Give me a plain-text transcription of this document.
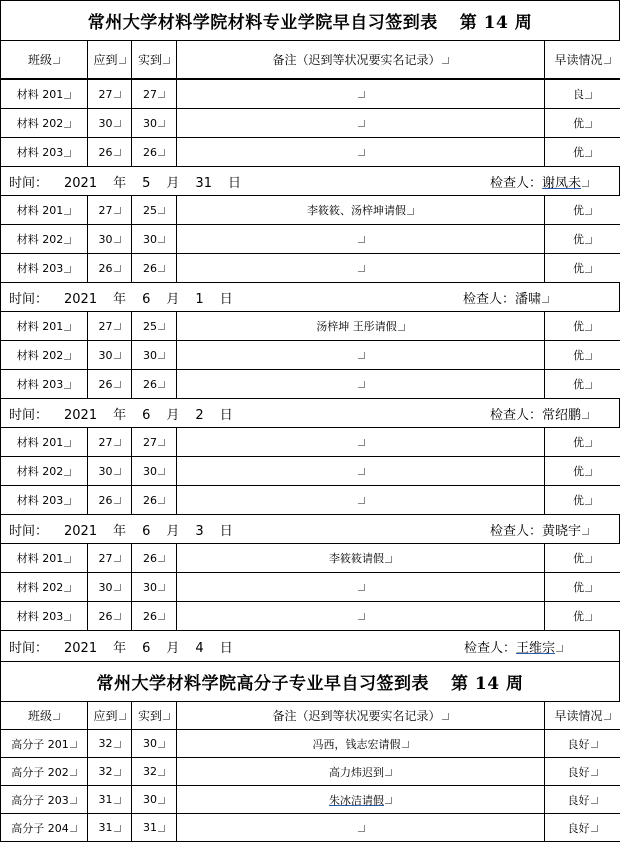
常州大学材料学院材料专业学院早自习签到表 第 14 周
班级	应到	实到	备注（迟到等状况要实名记录）	早读情况
材料 201	27	27		良
材料 202	30	30		优
材料 203	26	26		优
时间： 2021 年 5 月 31 日	检查人：谢凤未
材料 201	27	25	李筱筱、汤梓坤请假	优
材料 202	30	30		优
材料 203	26	26		优
时间： 2021 年 6 月 1 日	检查人：潘啸
材料 201	27	25	汤梓坤 王彤请假	优
材料 202	30	30		优
材料 203	26	26		优
时间： 2021 年 6 月 2 日	检查人：常绍鹏
材料 201	27	27		优
材料 202	30	30		优
材料 203	26	26		优
时间： 2021 年 6 月 3 日	检查人：黄晓宇
材料 201	27	26	李筱筱请假	优
材料 202	30	30		优
材料 203	26	26		优
时间： 2021 年 6 月 4 日	检查人：王维宗
常州大学材料学院高分子专业早自习签到表 第 14 周
班级	应到	实到	备注（迟到等状况要实名记录）	早读情况
高分子 201	32	30	冯西，钱志宏请假	良好
高分子 202	32	32	高力炜迟到	良好
高分子 203	31	30	朱冰洁请假	良好
高分子 204	31	31		良好
